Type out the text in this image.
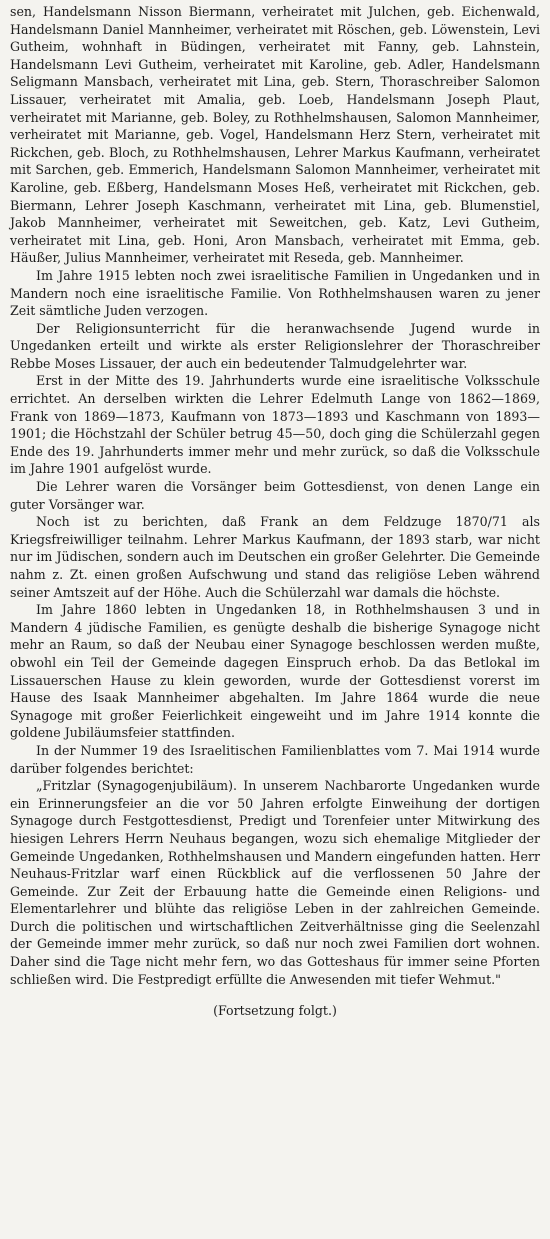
sen, Handelsmann Nisson Biermann, verheiratet mit Julchen, geb. Eichenwald, Handelsmann Daniel Mannheimer, verheiratet mit Röschen, geb. Löwenstein, Levi Gutheim, wohnhaft in Büdingen, verheiratet mit Fanny, geb. Lahnstein, Handelsmann Levi Gutheim, verheiratet mit Karoline, geb. Adler, Handelsmann Seligmann Mansbach, verheiratet mit Lina, geb. Stern, Thoraschreiber Salomon Lissauer, verheiratet mit Amalia, geb. Loeb, Handelsmann Joseph Plaut, verheiratet mit Marianne, geb. Boley, zu Rothhelmshausen, Salomon Mannheimer, verheiratet mit Marianne, geb. Vogel, Handelsmann Herz Stern, verheiratet mit Rickchen, geb. Bloch, zu Rothhelmshausen, Lehrer Markus Kaufmann, verheiratet mit Sarchen, geb. Emmerich, Handelsmann Salomon Mannheimer, verheiratet mit Karoline, geb. Eßberg, Handelsmann Moses Heß, verheiratet mit Rickchen, geb. Biermann, Lehrer Joseph Kaschmann, verheiratet mit Lina, geb. Blumenstiel, Jakob Mannheimer, verheiratet mit Seweitchen, geb. Katz, Levi Gutheim, verheiratet mit Lina, geb. Honi, Aron Mansbach, verheiratet mit Emma, geb. Häußer, Julius Mannheimer, verheiratet mit Reseda, geb. Mannheimer.

Im Jahre 1915 lebten noch zwei israelitische Familien in Ungedanken und in Mandern noch eine israelitische Familie. Von Rothhelmshausen waren zu jener Zeit sämtliche Juden verzogen.

Der Religionsunterricht für die heranwachsende Jugend wurde in Ungedanken erteilt und wirkte als erster Religionslehrer der Thoraschreiber Rebbe Moses Lissauer, der auch ein bedeutender Talmudgelehrter war.

Erst in der Mitte des 19. Jahrhunderts wurde eine israelitische Volksschule errichtet. An derselben wirkten die Lehrer Edelmuth Lange von 1862—1869, Frank von 1869—1873, Kaufmann von 1873—1893 und Kaschmann von 1893—1901; die Höchstzahl der Schüler betrug 45—50, doch ging die Schülerzahl gegen Ende des 19. Jahrhunderts immer mehr und mehr zurück, so daß die Volksschule im Jahre 1901 aufgelöst wurde.

Die Lehrer waren die Vorsänger beim Gottesdienst, von denen Lange ein guter Vorsänger war.

Noch ist zu berichten, daß Frank an dem Feldzuge 1870/71 als Kriegsfreiwilliger teilnahm. Lehrer Markus Kaufmann, der 1893 starb, war nicht nur im Jüdischen, sondern auch im Deutschen ein großer Gelehrter. Die Gemeinde nahm z. Zt. einen großen Aufschwung und stand das religiöse Leben während seiner Amtszeit auf der Höhe. Auch die Schülerzahl war damals die höchste.

Im Jahre 1860 lebten in Ungedanken 18, in Rothhelmshausen 3 und in Mandern 4 jüdische Familien, es genügte deshalb die bisherige Synagoge nicht mehr an Raum, so daß der Neubau einer Synagoge beschlossen werden mußte, obwohl ein Teil der Gemeinde dagegen Einspruch erhob. Da das Betlokal im Lissauerschen Hause zu klein geworden, wurde der Gottesdienst vorerst im Hause des Isaak Mannheimer abgehalten. Im Jahre 1864 wurde die neue Synagoge mit großer Feierlichkeit eingeweiht und im Jahre 1914 konnte die goldene Jubiläumsfeier stattfinden.

In der Nummer 19 des Israelitischen Familienblattes vom 7. Mai 1914 wurde darüber folgendes berichtet:

„Fritzlar (Synagogenjubiläum). In unserem Nachbarorte Ungedanken wurde ein Erinnerungsfeier an die vor 50 Jahren erfolgte Einweihung der dortigen Synagoge durch Festgottesdienst, Predigt und Torenfeier unter Mitwirkung des hiesigen Lehrers Herrn Neuhaus begangen, wozu sich ehemalige Mitglieder der Gemeinde Ungedanken, Rothhelmshausen und Mandern eingefunden hatten. Herr Neuhaus-Fritzlar warf einen Rückblick auf die verflossenen 50 Jahre der Gemeinde. Zur Zeit der Erbauung hatte die Gemeinde einen Religions- und Elementarlehrer und blühte das religiöse Leben in der zahlreichen Gemeinde. Durch die politischen und wirtschaftlichen Zeitverhältnisse ging die Seelenzahl der Gemeinde immer mehr zurück, so daß nur noch zwei Familien dort wohnen. Daher sind die Tage nicht mehr fern, wo das Gotteshaus für immer seine Pforten schließen wird. Die Festpredigt erfüllte die Anwesenden mit tiefer Wehmut."

(Fortsetzung folgt.)
